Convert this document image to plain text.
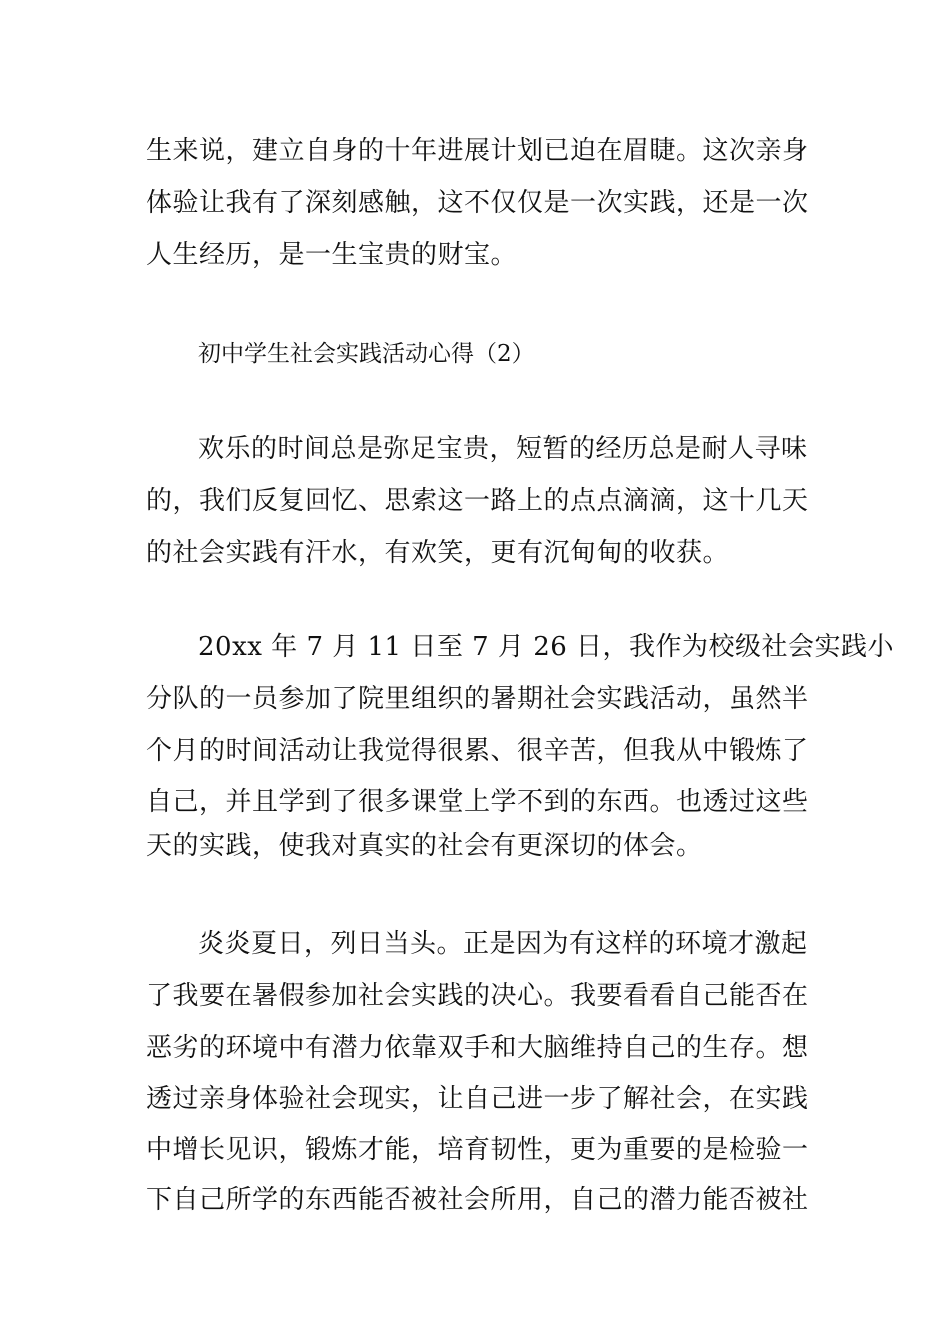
生来说，建立自身的十年进展计划已迫在眉睫。这次亲身
体验让我有了深刻感触，这不仅仅是一次实践，还是一次
人生经历，是一生宝贵的财宝。
初中学生社会实践活动心得（2）
欢乐的时间总是弥足宝贵，短暂的经历总是耐人寻味
的，我们反复回忆、思索这一路上的点点滴滴，这十几天
的社会实践有汗水，有欢笑，更有沉甸甸的收获。
20xx 年 7 月 11 日至 7 月 26 日，我作为校级社会实践小
分队的一员参加了院里组织的暑期社会实践活动，虽然半
个月的时间活动让我觉得很累、很辛苦，但我从中锻炼了
自己，并且学到了很多课堂上学不到的东西。也透过这些
天的实践，使我对真实的社会有更深切的体会。
炎炎夏日，列日当头。正是因为有这样的环境才激起
了我要在暑假参加社会实践的决心。我要看看自己能否在
恶劣的环境中有潜力依靠双手和大脑维持自己的生存。想
透过亲身体验社会现实，让自己进一步了解社会，在实践
中增长见识，锻炼才能，培育韧性，更为重要的是检验一
下自己所学的东西能否被社会所用，自己的潜力能否被社
